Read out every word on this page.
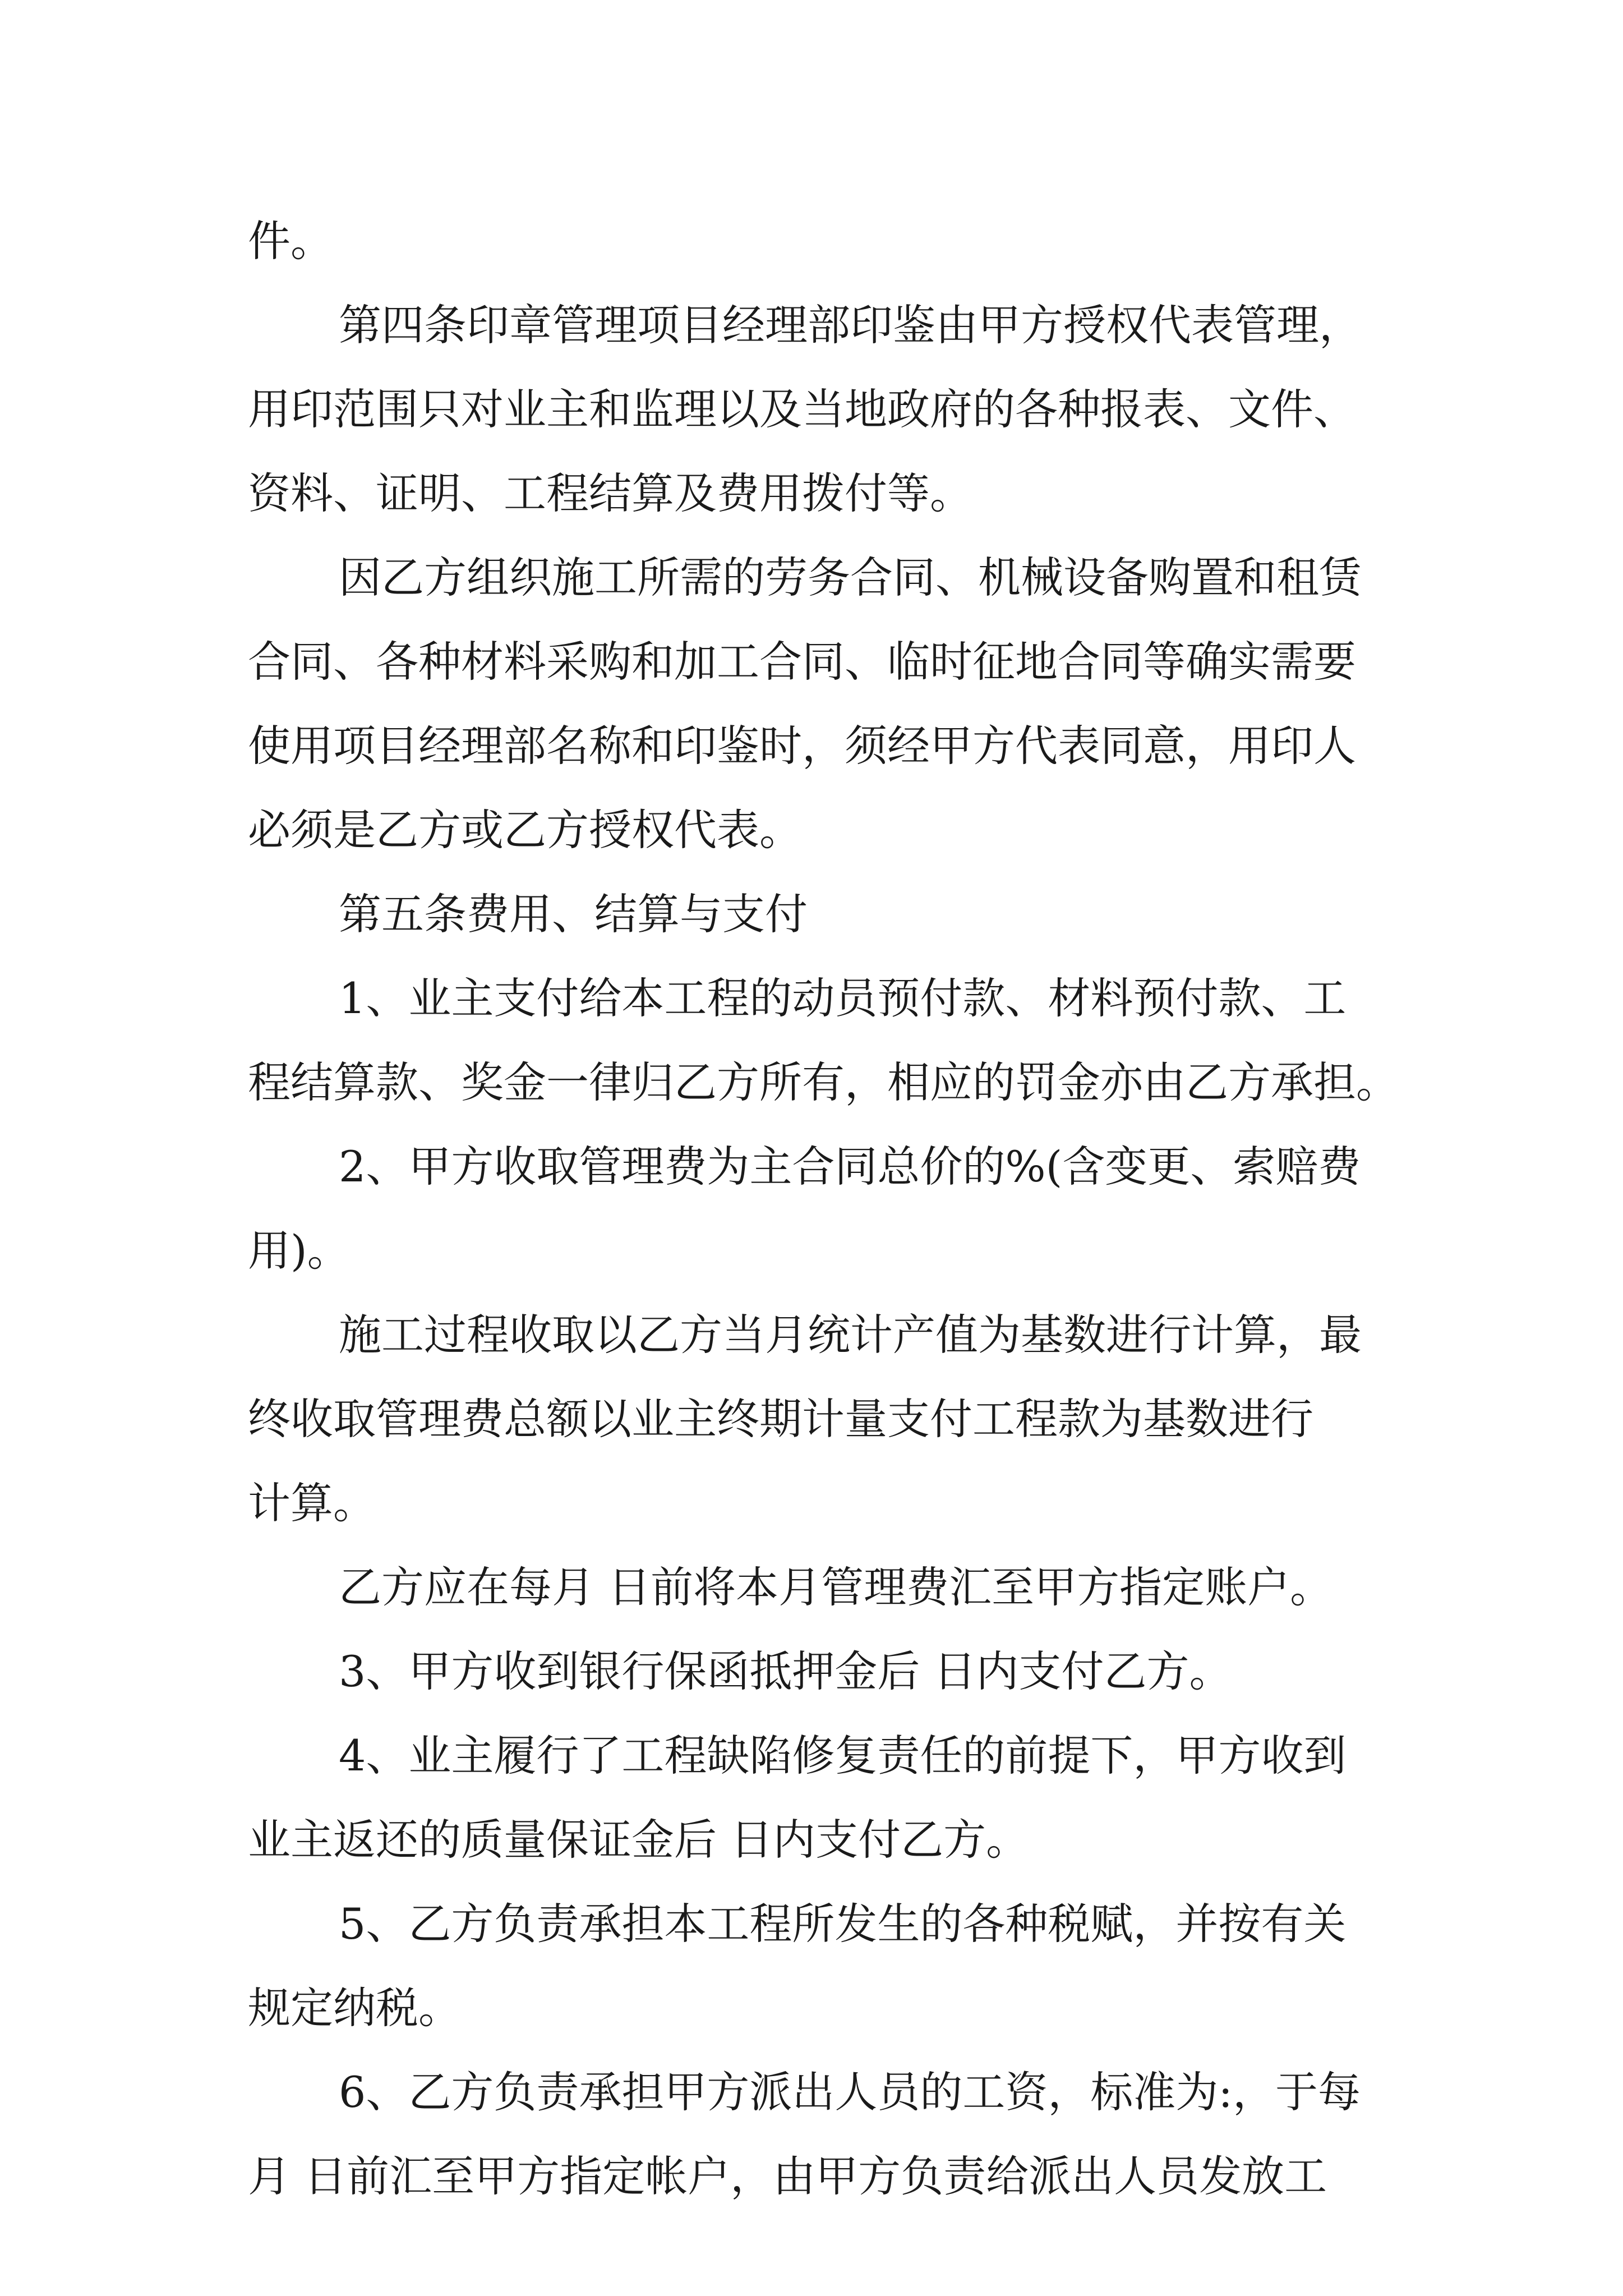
件。
第四条印章管理项目经理部印鉴由甲方授权代表管理，
用印范围只对业主和监理以及当地政府的各种报表、文件、
资料、证明、工程结算及费用拨付等。
因乙方组织施工所需的劳务合同、机械设备购置和租赁
合同、各种材料采购和加工合同、临时征地合同等确实需要
使用项目经理部名称和印鉴时，须经甲方代表同意，用印人
必须是乙方或乙方授权代表。
第五条费用、结算与支付
1、业主支付给本工程的动员预付款、材料预付款、工
程结算款、奖金一律归乙方所有，相应的罚金亦由乙方承担。
2、甲方收取管理费为主合同总价的%(含变更、索赔费
用)。
施工过程收取以乙方当月统计产值为基数进行计算，最
终收取管理费总额以业主终期计量支付工程款为基数进行
计算。
乙方应在每月 日前将本月管理费汇至甲方指定账户。
3、甲方收到银行保函抵押金后 日内支付乙方。
4、业主履行了工程缺陷修复责任的前提下，甲方收到
业主返还的质量保证金后 日内支付乙方。
5、乙方负责承担本工程所发生的各种税赋，并按有关
规定纳税。
6、乙方负责承担甲方派出人员的工资，标准为:，于每
月 日前汇至甲方指定帐户，由甲方负责给派出人员发放工
